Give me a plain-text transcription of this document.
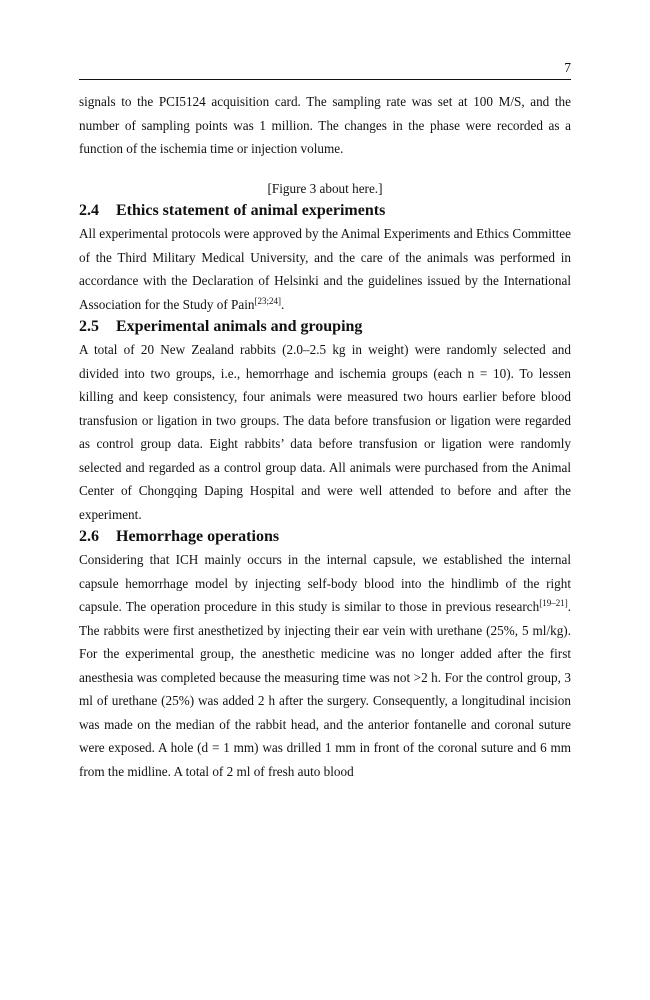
7

signals to the PCI5124 acquisition card. The sampling rate was set at 100 M/S, and the number of sampling points was 1 million. The changes in the phase were recorded as a function of the ischemia time or injection volume.

[Figure 3 about here.]

2.4 Ethics statement of animal experiments

All experimental protocols were approved by the Animal Experiments and Ethics Committee of the Third Military Medical University, and the care of the animals was performed in accordance with the Declaration of Helsinki and the guidelines issued by the International Association for the Study of Pain[23;24].

2.5 Experimental animals and grouping

A total of 20 New Zealand rabbits (2.0–2.5 kg in weight) were randomly selected and divided into two groups, i.e., hemorrhage and ischemia groups (each n = 10). To lessen killing and keep consistency, four animals were measured two hours earlier before blood transfusion or ligation in two groups. The data before transfusion or ligation were regarded as control group data. Eight rabbits’ data before transfusion or ligation were randomly selected and regarded as a control group data. All animals were purchased from the Animal Center of Chongqing Daping Hospital and were well attended to before and after the experiment.

2.6 Hemorrhage operations

Considering that ICH mainly occurs in the internal capsule, we established the internal capsule hemorrhage model by injecting self-body blood into the hindlimb of the right capsule. The operation procedure in this study is similar to those in previous research[19–21]. The rabbits were first anesthetized by injecting their ear vein with urethane (25%, 5 ml/kg). For the experimental group, the anesthetic medicine was no longer added after the first anesthesia was completed because the measuring time was not >2 h. For the control group, 3 ml of urethane (25%) was added 2 h after the surgery. Consequently, a longitudinal incision was made on the median of the rabbit head, and the anterior fontanelle and coronal suture were exposed. A hole (d = 1 mm) was drilled 1 mm in front of the coronal suture and 6 mm from the midline. A total of 2 ml of fresh auto blood
